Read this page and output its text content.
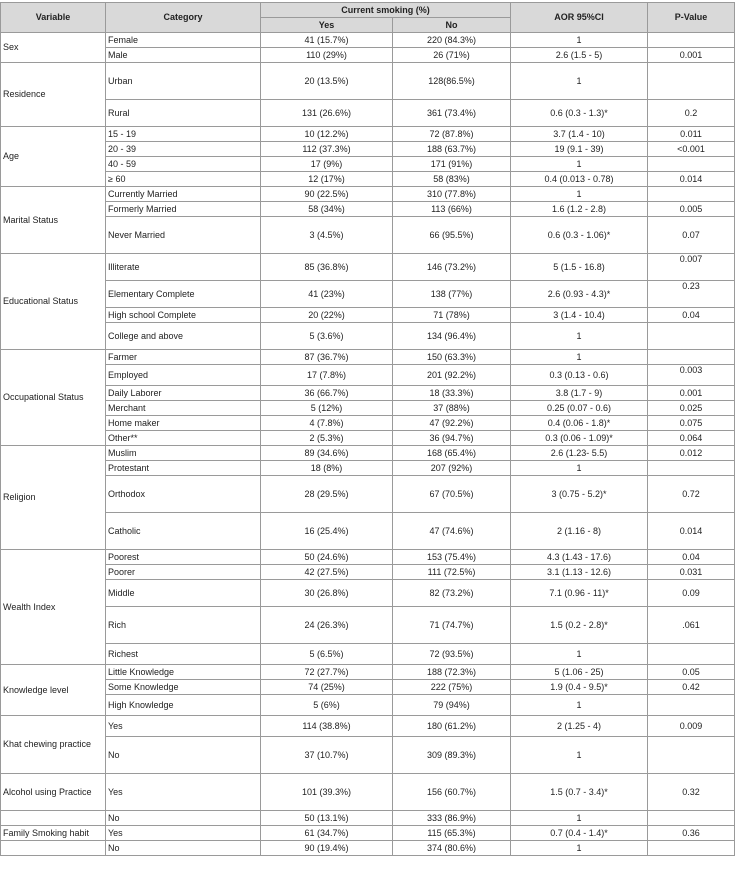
Variable	Category	Current smoking (%)		AOR 95%CI	P-Value
		Yes	No		
Sex	Female	41 (15.7%)	220 (84.3%)	1	
	Male	110 (29%)	26 (71%)	2.6 (1.5 - 5)	0.001
Residence	Urban	20 (13.5%)	128(86.5%)	1	
	Rural	131 (26.6%)	361 (73.4%)	0.6 (0.3 - 1.3)*	0.2
Age	15 - 19	10 (12.2%)	72 (87.8%)	3.7 (1.4 - 10)	0.011
	20 - 39	112 (37.3%)	188 (63.7%)	19 (9.1 - 39)	<0.001
	40 - 59	17 (9%)	171 (91%)	1	
	≥ 60	12 (17%)	58 (83%)	0.4 (0.013 - 0.78)	0.014
Marital Status	Currently Married	90 (22.5%)	310 (77.8%)	1	
	Formerly Married	58 (34%)	113 (66%)	1.6 (1.2 - 2.8)	0.005
	Never Married	3 (4.5%)	66 (95.5%)	0.6 (0.3 - 1.06)*	0.07
Educational Status	Illiterate	85 (36.8%)	146 (73.2%)	5 (1.5 - 16.8)	0.007
	Elementary Complete	41 (23%)	138 (77%)	2.6 (0.93 - 4.3)*	0.23
	High school Complete	20 (22%)	71 (78%)	3 (1.4 - 10.4)	0.04
	College and above	5 (3.6%)	134 (96.4%)	1	
Occupational Status	Farmer	87 (36.7%)	150 (63.3%)	1	
	Employed	17 (7.8%)	201 (92.2%)	0.3 (0.13 - 0.6)	0.003
	Daily Laborer	36 (66.7%)	18 (33.3%)	3.8 (1.7 - 9)	0.001
	Merchant	5 (12%)	37 (88%)	0.25 (0.07 - 0.6)	0.025
	Home maker	4 (7.8%)	47 (92.2%)	0.4 (0.06 - 1.8)*	0.075
	Other**	2 (5.3%)	36 (94.7%)	0.3 (0.06 - 1.09)*	0.064
Religion	Muslim	89 (34.6%)	168 (65.4%)	2.6 (1.23- 5.5)	0.012
	Protestant	18 (8%)	207 (92%)	1	
	Orthodox	28 (29.5%)	67 (70.5%)	3 (0.75 - 5.2)*	0.72
	Catholic	16 (25.4%)	47 (74.6%)	2 (1.16 - 8)	0.014
Wealth Index	Poorest	50 (24.6%)	153 (75.4%)	4.3 (1.43 - 17.6)	0.04
	Poorer	42 (27.5%)	111 (72.5%)	3.1 (1.13 - 12.6)	0.031
	Middle	30 (26.8%)	82 (73.2%)	7.1 (0.96 - 11)*	0.09
	Rich	24 (26.3%)	71 (74.7%)	1.5 (0.2 - 2.8)*	.061
	Richest	5 (6.5%)	72 (93.5%)	1	
Knowledge level	Little Knowledge	72 (27.7%)	188 (72.3%)	5 (1.06 - 25)	0.05
	Some Knowledge	74 (25%)	222 (75%)	1.9 (0.4 - 9.5)*	0.42
	High Knowledge	5 (6%)	79 (94%)	1	
Khat chewing practice	Yes	114 (38.8%)	180 (61.2%)	2 (1.25 - 4)	0.009
	No	37 (10.7%)	309 (89.3%)	1	
Alcohol using Practice	Yes	101 (39.3%)	156 (60.7%)	1.5 (0.7 - 3.4)*	0.32
	No	50 (13.1%)	333 (86.9%)	1	
Family Smoking habit	Yes	61 (34.7%)	115 (65.3%)	0.7 (0.4 - 1.4)*	0.36
	No	90 (19.4%)	374 (80.6%)	1	
